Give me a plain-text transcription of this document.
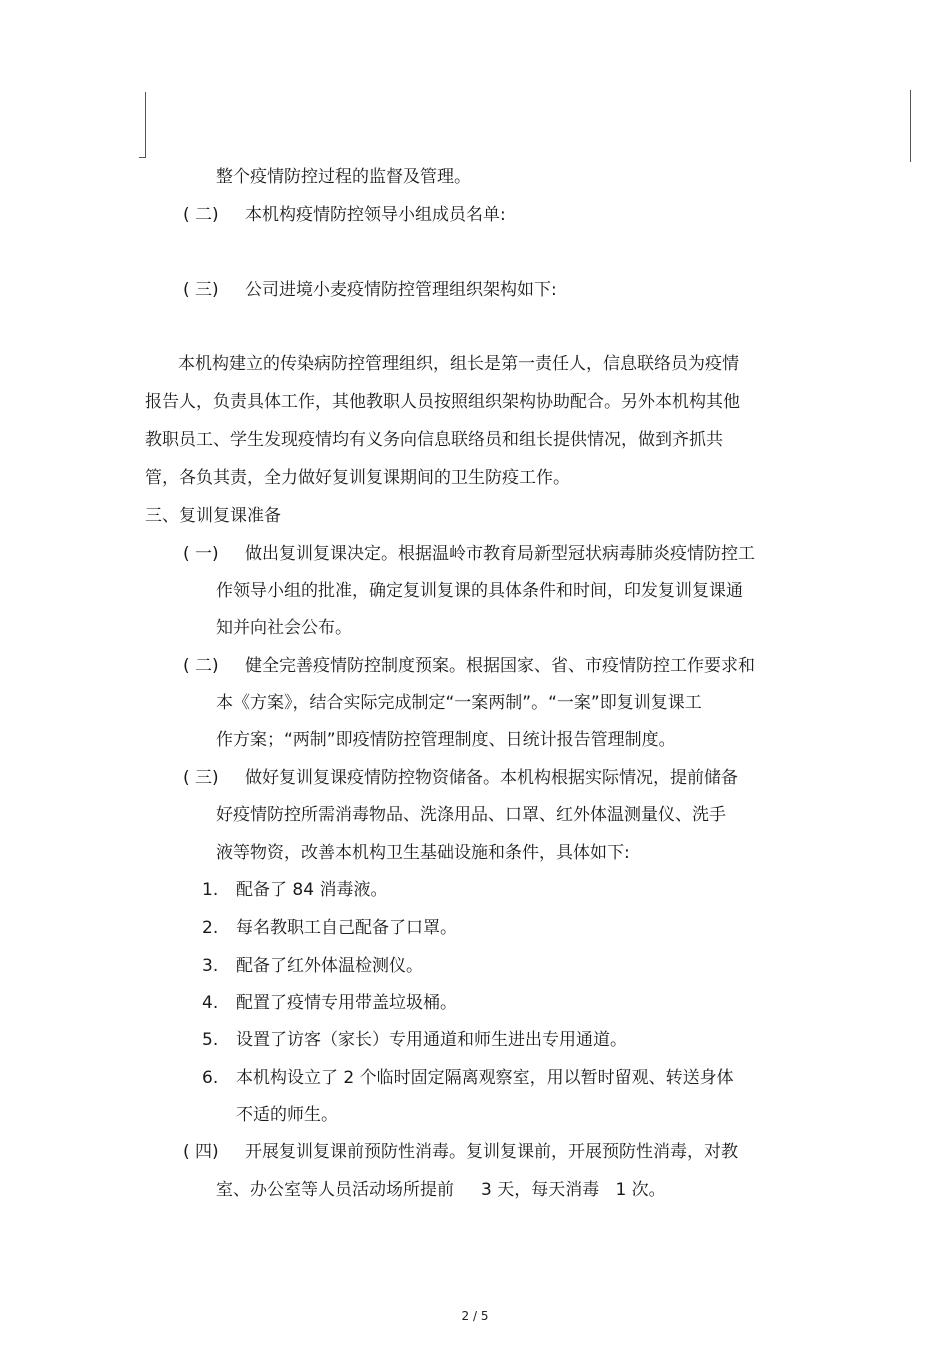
整个疫情防控过程的监督及管理。
( 二) 本机构疫情防控领导小组成员名单:
( 三) 公司进境小麦疫情防控管理组织架构如下:
本机构建立的传染病防控管理组织，组长是第一责任人，信息联络员为疫情
报告人，负责具体工作，其他教职人员按照组织架构协助配合。另外本机构其他
教职员工、学生发现疫情均有义务向信息联络员和组长提供情况，做到齐抓共
管，各负其责，全力做好复训复课期间的卫生防疫工作。
三、复训复课准备
( 一) 做出复训复课决定。根据温岭市教育局新型冠状病毒肺炎疫情防控工
作领导小组的批准，确定复训复课的具体条件和时间，印发复训复课通
知并向社会公布。
( 二) 健全完善疫情防控制度预案。根据国家、省、市疫情防控工作要求和
本《方案》，结合实际完成制定“一案两制”。“一案”即复训复课工
作方案；“两制”即疫情防控管理制度、日统计报告管理制度。
( 三) 做好复训复课疫情防控物资储备。本机构根据实际情况，提前储备
好疫情防控所需消毒物品、洗涤用品、口罩、红外体温测量仪、洗手
液等物资，改善本机构卫生基础设施和条件，具体如下:
1. 配备了 84 消毒液。
2. 每名教职工自己配备了口罩。
3. 配备了红外体温检测仪。
4. 配置了疫情专用带盖垃圾桶。
5. 设置了访客（家长）专用通道和师生进出专用通道。
6. 本机构设立了 2 个临时固定隔离观察室，用以暂时留观、转送身体
不适的师生。
( 四) 开展复训复课前预防性消毒。复训复课前，开展预防性消毒，对教
室、办公室等人员活动场所提前     3 天，每天消毒   1 次。
2 / 5
